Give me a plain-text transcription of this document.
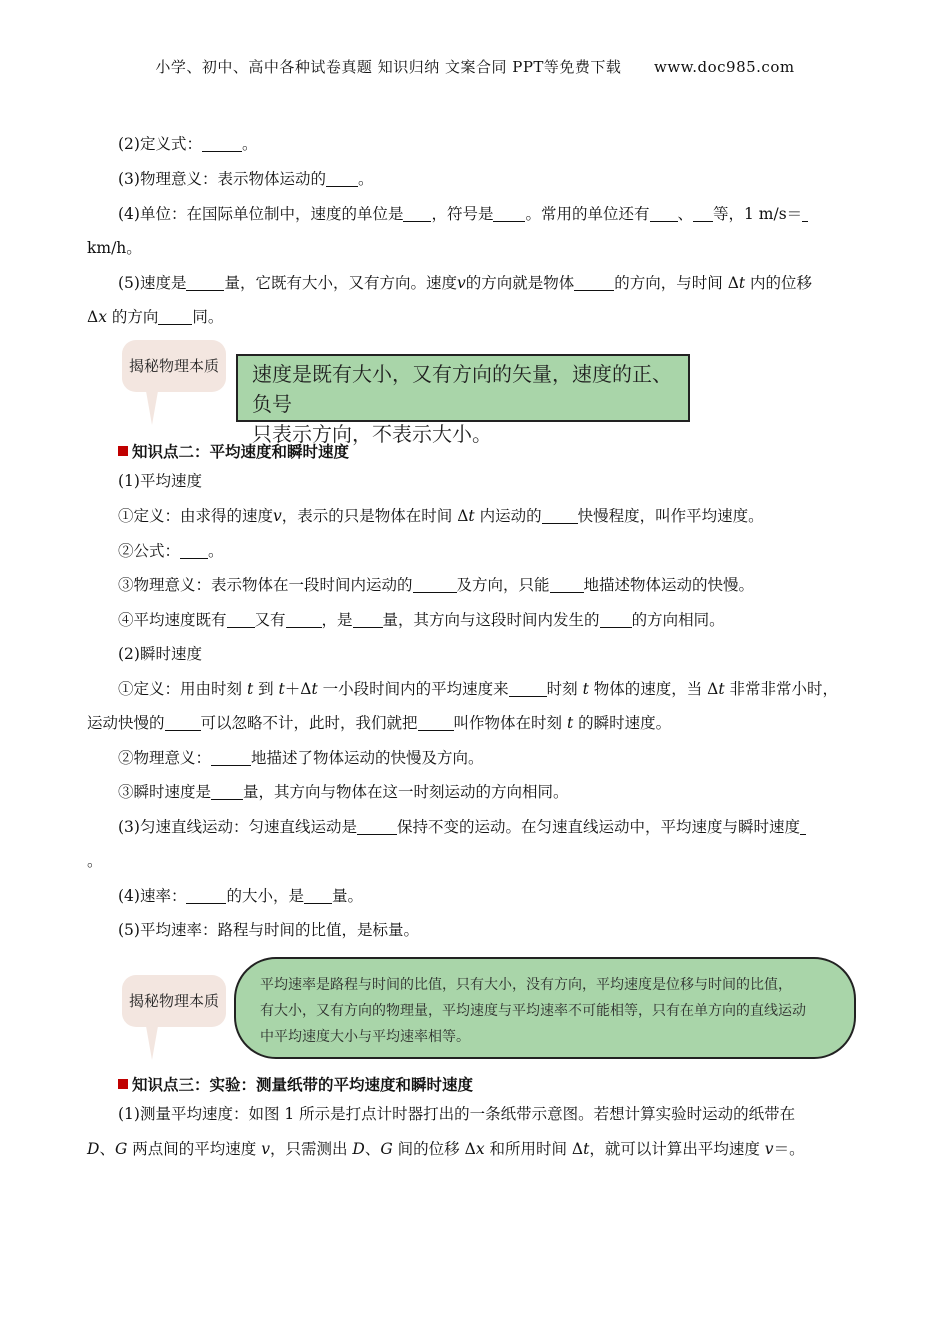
小学、初中、高中各种试卷真题 知识归纳 文案合同 PPT等免费下载 www.doc985.com
(2)定义式：	。
(3)物理意义：表示物体运动的 。
(4)单位：在国际单位制中，速度的单位是 ，符号是 。常用的单位还有 、 等，1 m/s＝
km/h。
(5)速度是 量，它既有大小，又有方向。速度v的方向就是物体	的方向，与时间 Δt 内的位移
Δx 的方向 同。
揭秘物理本质	速度是既有大小，又有方向的矢量，速度的正、负号
只表示方向，不表示大小。
知识点二：平均速度和瞬时速度
(1)平均速度
①定义：由求得的速度v，表示的只是物体在时间 Δt 内运动的 快慢程度，叫作平均速度。
②公式： 。
③物理意义：表示物体在一段时间内运动的	及方向，只能 地描述物体运动的快慢。
④平均速度既有 又有 ，是 量，其方向与这段时间内发生的 的方向相同。
(2)瞬时速度
①定义：用由时刻 t 到 t＋Δt 一小段时间内的平均速度来 时刻 t 物体的速度，当 Δt 非常非常小时，
运动快慢的 可以忽略不计，此时，我们就把 叫作物体在时刻 t 的瞬时速度。
②物理意义：	地描述了物体运动的快慢及方向。
③瞬时速度是 量，其方向与物体在这一时刻运动的方向相同。
(3)匀速直线运动：匀速直线运动是	保持不变的运动。在匀速直线运动中，平均速度与瞬时速度
。
(4)速率：	的大小，是 量。
(5)平均速率：路程与时间的比值，是标量。
揭秘物理本质
平均速率是路程与时间的比值，只有大小，没有方向，平均速度是位移与时间的比值，
有大小，又有方向的物理量，平均速度与平均速率不可能相等，只有在单方向的直线运动
中平均速度大小与平均速率相等。
知识点三：实验：测量纸带的平均速度和瞬时速度
(1)测量平均速度：如图 1 所示是打点计时器打出的一条纸带示意图。若想计算实验时运动的纸带在
D、G 两点间的平均速度 v，只需测出 D、G 间的位移 Δx 和所用时间 Δt，就可以计算出平均速度 v＝。
